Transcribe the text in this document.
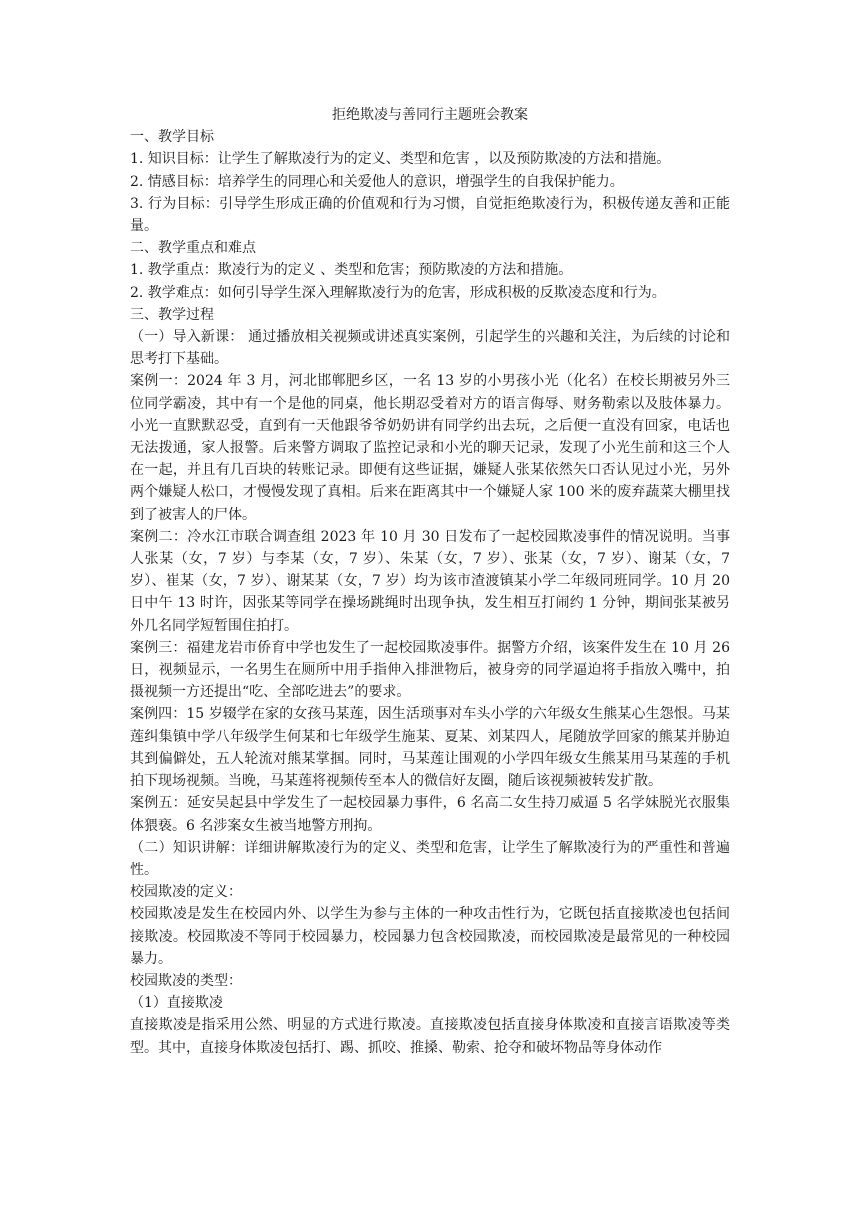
拒绝欺凌与善同行主题班会教案

一、教学目标

1. 知识目标：让学生了解欺凌行为的定义、类型和危害 ，以及预防欺凌的方法和措施。

2. 情感目标：培养学生的同理心和关爱他人的意识，增强学生的自我保护能力。

3. 行为目标：引导学生形成正确的价值观和行为习惯，自觉拒绝欺凌行为，积极传递友善和正能量。

二、教学重点和难点

1. 教学重点：欺凌行为的定义 、类型和危害；预防欺凌的方法和措施。

2. 教学难点：如何引导学生深入理解欺凌行为的危害，形成积极的反欺凌态度和行为。

三、教学过程

（一）导入新课： 通过播放相关视频或讲述真实案例，引起学生的兴趣和关注，为后续的讨论和思考打下基础。

案例一：2024 年 3 月，河北邯郸肥乡区，一名 13 岁的小男孩小光（化名）在校长期被另外三位同学霸凌，其中有一个是他的同桌，他长期忍受着对方的语言侮辱、财务勒索以及肢体暴力。小光一直默默忍受，直到有一天他跟爷爷奶奶讲有同学约出去玩，之后便一直没有回家，电话也无法拨通，家人报警。后来警方调取了监控记录和小光的聊天记录，发现了小光生前和这三个人在一起，并且有几百块的转账记录。即便有这些证据，嫌疑人张某依然矢口否认见过小光，另外两个嫌疑人松口，才慢慢发现了真相。后来在距离其中一个嫌疑人家 100 米的废弃蔬菜大棚里找到了被害人的尸体。

案例二：冷水江市联合调查组 2023 年 10 月 30 日发布了一起校园欺凌事件的情况说明。当事人张某（女，7 岁）与李某（女，7 岁）、朱某（女，7 岁）、张某（女，7 岁）、谢某（女，7 岁）、崔某（女，7 岁）、谢某某（女，7 岁）均为该市渣渡镇某小学二年级同班同学。10 月 20 日中午 13 时许，因张某等同学在操场跳绳时出现争执，发生相互打闹约 1 分钟，期间张某被另外几名同学短暂围住拍打。

案例三：福建龙岩市侨育中学也发生了一起校园欺凌事件。据警方介绍，该案件发生在 10 月 26 日，视频显示，一名男生在厕所中用手指伸入排泄物后，被身旁的同学逼迫将手指放入嘴中，拍摄视频一方还提出“吃、全部吃进去”的要求。

案例四：15 岁辍学在家的女孩马某莲，因生活琐事对车头小学的六年级女生熊某心生怨恨。马某莲纠集镇中学八年级学生何某和七年级学生施某、夏某、刘某四人，尾随放学回家的熊某并胁迫其到偏僻处，五人轮流对熊某掌掴。同时，马某莲让围观的小学四年级女生熊某用马某莲的手机拍下现场视频。当晚，马某莲将视频传至本人的微信好友圈，随后该视频被转发扩散。

案例五：延安吴起县中学发生了一起校园暴力事件，6 名高二女生持刀威逼 5 名学妹脱光衣服集体猥亵。6 名涉案女生被当地警方刑拘。

（二）知识讲解：详细讲解欺凌行为的定义、类型和危害，让学生了解欺凌行为的严重性和普遍性。

校园欺凌的定义：

校园欺凌是发生在校园内外、以学生为参与主体的一种攻击性行为，它既包括直接欺凌也包括间接欺凌。校园欺凌不等同于校园暴力，校园暴力包含校园欺凌，而校园欺凌是最常见的一种校园暴力。

校园欺凌的类型：

（1）直接欺凌

直接欺凌是指采用公然、明显的方式进行欺凌。直接欺凌包括直接身体欺凌和直接言语欺凌等类型。其中，直接身体欺凌包括打、踢、抓咬、推搡、勒索、抢夺和破坏物品等身体动作
